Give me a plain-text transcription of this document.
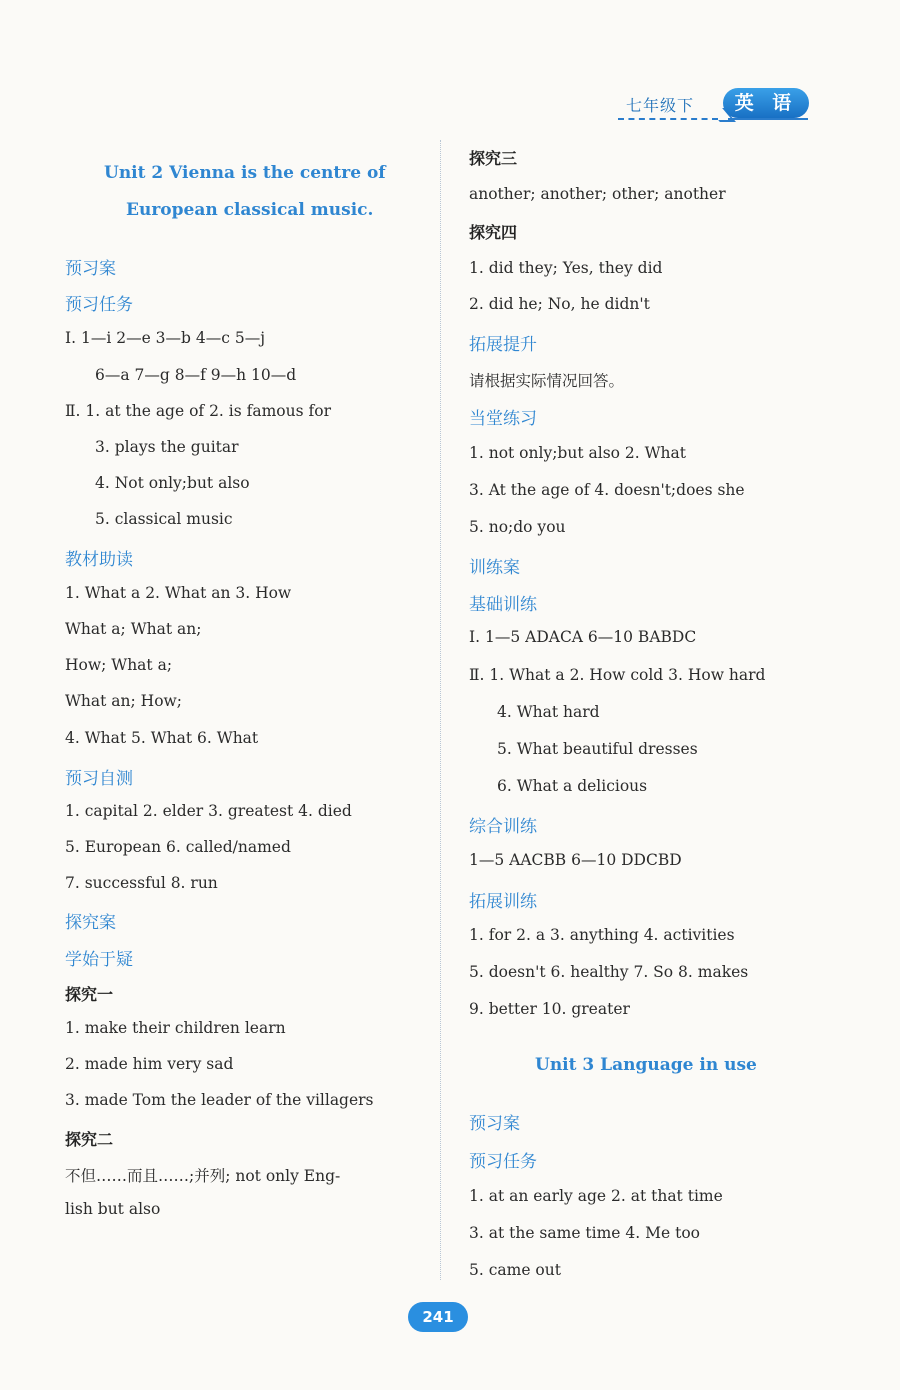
七年级下	英 语
Unit 2 Vienna is the centre of
European classical music.
预习案
预习任务
Ⅰ. 1—i 2—e 3—b 4—c 5—j
6—a 7—g 8—f 9—h 10—d
Ⅱ. 1. at the age of 2. is famous for
3. plays the guitar
4. Not only;but also
5. classical music
教材助读
1. What a 2. What an 3. How
What a; What an;
How; What a;
What an; How;
4. What 5. What 6. What
预习自测
1. capital 2. elder 3. greatest 4. died
5. European 6. called/named
7. successful 8. run
探究案
学始于疑
探究一
1. make their children learn
2. made him very sad
3. made Tom the leader of the villagers
探究二
不但……而且……;并列; not only Eng-
lish but also
探究三
another; another; other; another
探究四
1. did they; Yes, they did
2. did he; No, he didn't
拓展提升
请根据实际情况回答。
当堂练习
1. not only;but also 2. What
3. At the age of 4. doesn't;does she
5. no;do you
训练案
基础训练
Ⅰ. 1—5 ADACA 6—10 BABDC
Ⅱ. 1. What a 2. How cold 3. How hard
4. What hard
5. What beautiful dresses
6. What a delicious
综合训练
1—5 AACBB 6—10 DDCBD
拓展训练
1. for 2. a 3. anything 4. activities
5. doesn't 6. healthy 7. So 8. makes
9. better 10. greater
Unit 3 Language in use
预习案
预习任务
1. at an early age 2. at that time
3. at the same time 4. Me too
5. came out
241
